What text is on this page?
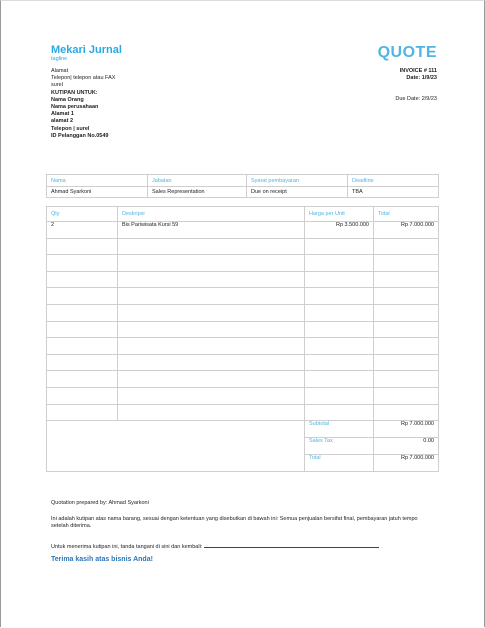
Mekari Jurnal
tagline	QUOTE
Alamat
Telepon| telepon atau FAX
surel
KUTIPAN UNTUK:
Nama Orang
Nama perusahaan
Alamat 1
alamat 2
Telepon | surel
ID Pelanggan No.0549
INVOICE # 111
Date: 1/9/23
Due Date: 2/9/23
Nama	Jabatan	Syarat pembayaran	Deadline
Ahmad Syarkoni	Sales Representation	Due on receipt	TBA
Qty	Deskripsi	Harga per Unit	Total
2	Bis Pariwisata Kursi 59	Rp 3.500.000	Rp 7.000.000

		Subtotal	Rp 7.000.000
		Sales Tax	0.00
		Total	Rp 7.000.000
Quotation prepared by: Ahmad Syarkoni
Ini adalah kutipan atas nama barang, sesuai dengan ketentuan yang disebutkan di bawah ini: Semua penjualan bersifat final, pembayaran jatuh tempo setelah diterima.
Untuk menerima kutipan ini, tanda tangani di sini dan kembali:
Terima kasih atas bisnis Anda!
